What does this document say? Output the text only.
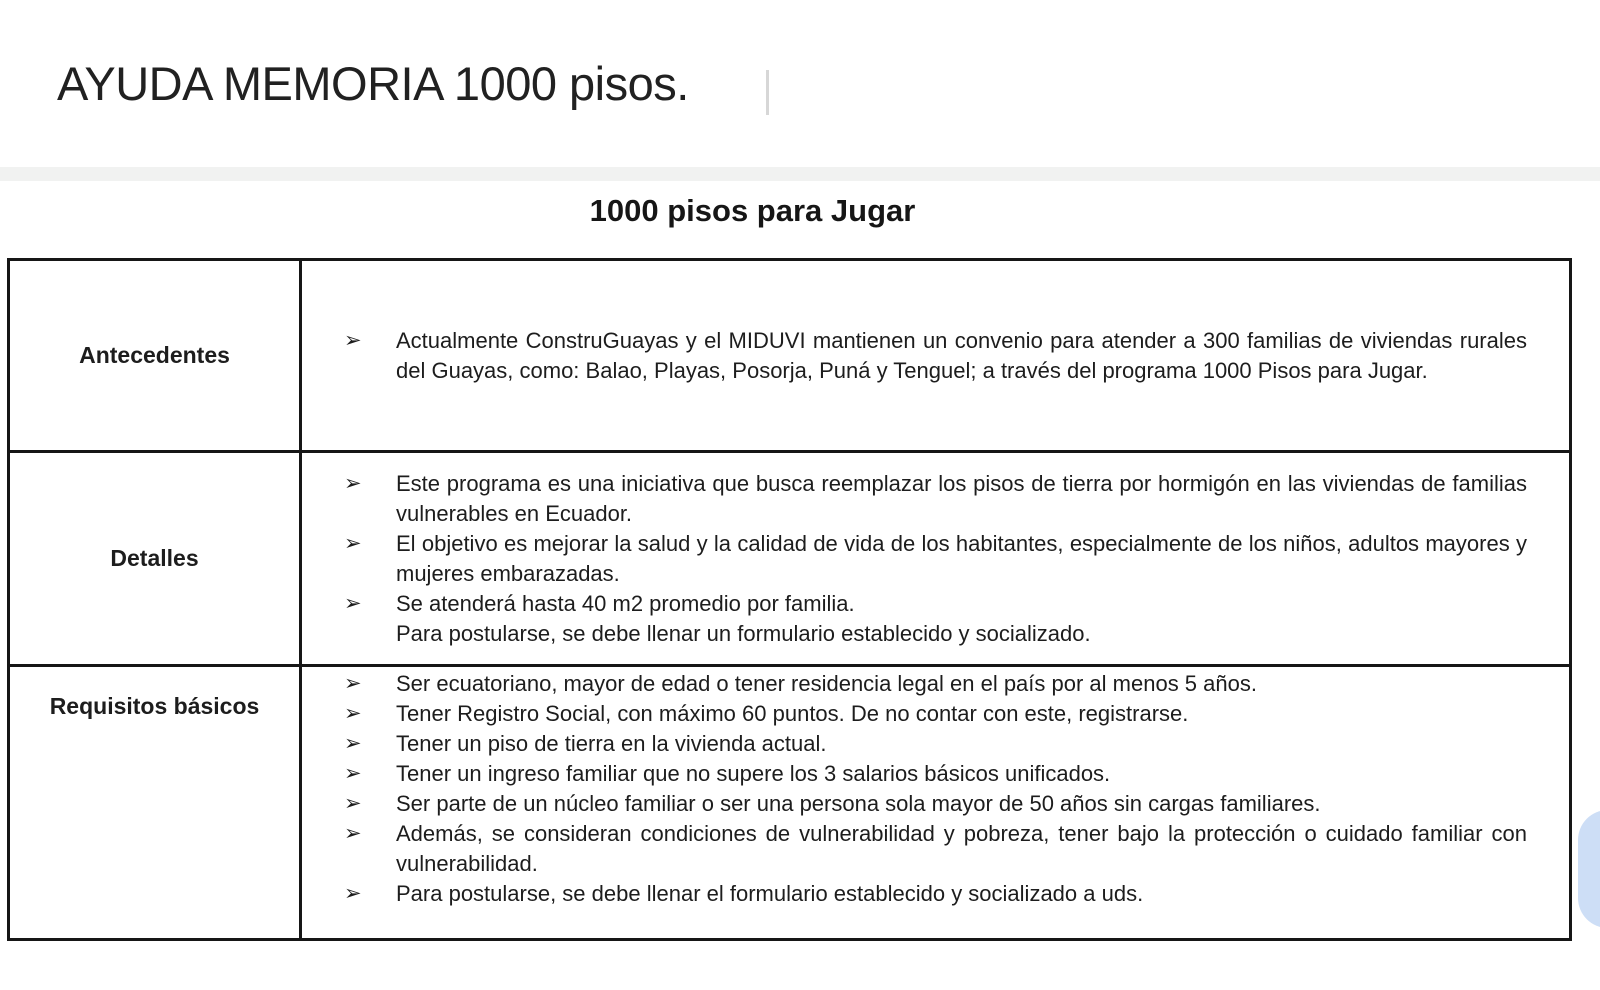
AYUDA MEMORIA 1000 pisos.
1000 pisos para Jugar
Antecedentes
➢	Actualmente ConstruGuayas y el MIDUVI mantienen un convenio para atender a 300 familias de viviendas rurales del Guayas, como: Balao, Playas, Posorja, Puná y Tenguel; a través del programa 1000 Pisos para Jugar.
Detalles
➢	Este programa es una iniciativa que busca reemplazar los pisos de tierra por hormigón en las viviendas de familias vulnerables en Ecuador.
➢	El objetivo es mejorar la salud y la calidad de vida de los habitantes, especialmente de los niños, adultos mayores y mujeres embarazadas.
➢	Se atenderá hasta 40 m2 promedio por familia.
Para postularse, se debe llenar un formulario establecido y socializado.
Requisitos básicos
➢	Ser ecuatoriano, mayor de edad o tener residencia legal en el país por al menos 5 años.
➢	Tener Registro Social, con máximo 60 puntos. De no contar con este, registrarse.
➢	Tener un piso de tierra en la vivienda actual.
➢	Tener un ingreso familiar que no supere los 3 salarios básicos unificados.
➢	Ser parte de un núcleo familiar o ser una persona sola mayor de 50 años sin cargas familiares.
➢	Además, se consideran condiciones de vulnerabilidad y pobreza, tener bajo la protección o cuidado familiar con vulnerabilidad.
➢	Para postularse, se debe llenar el formulario establecido y socializado a uds.
